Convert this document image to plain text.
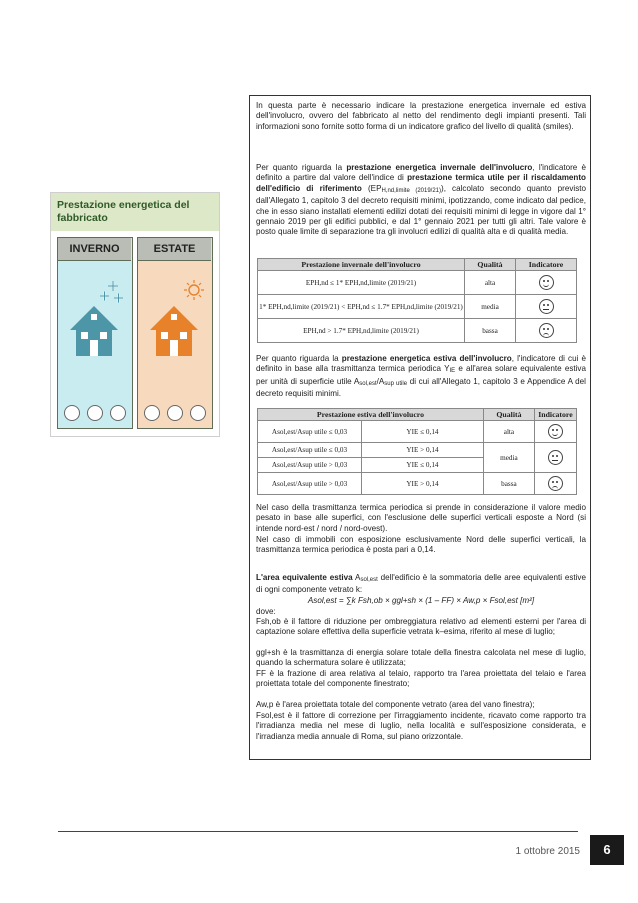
Prestazione energetica del fabbricato
INVERNO	ESTATE

In questa parte è necessario indicare la prestazione energetica invernale ed estiva dell'involucro, ovvero del fabbricato al netto del rendimento degli impianti presenti. Tali informazioni sono fornite sotto forma di un indicatore grafico del livello di qualità (smiles).

Per quanto riguarda la prestazione energetica invernale dell'involucro, l'indicatore è definito a partire dal valore dell'indice di prestazione termica utile per il riscaldamento dell'edificio di riferimento (EPH,nd,limite (2019/21)), calcolato secondo quanto previsto dall'Allegato 1, capitolo 3 del decreto requisiti minimi, ipotizzando, come indicato dal pedice, che in esso siano installati elementi edilizi dotati dei requisiti minimi di legge in vigore dal 1° gennaio 2019 per gli edifici pubblici, e dal 1° gennaio 2021 per tutti gli altri. Tale valore è posto quale limite di separazione tra gli involucri edilizi di qualità alta e di qualità media.

Prestazione invernale dell'involucro	Qualità	Indicatore
EPH,nd ≤ 1* EPH,nd,limite (2019/21)	alta	

1* EPH,nd,limite (2019/21) < EPH,nd ≤ 1.7* EPH,nd,limite (2019/21)	media	

EPH,nd > 1.7* EPH,nd,limite (2019/21)	bassa	

Per quanto riguarda la prestazione energetica estiva dell'involucro, l'indicatore di cui è definito in base alla trasmittanza termica periodica YIE e all'area solare equivalente estiva per unità di superficie utile Asol,est/Asup utile di cui all'Allegato 1, capitolo 3 e Appendice A del decreto requisiti minimi.

Prestazione estiva dell'involucro		Qualità	Indicatore
Asol,est/Asup utile ≤ 0,03	YIE ≤ 0,14	alta	

Asol,est/Asup utile ≤ 0,03	YIE > 0,14	media	

Asol,est/Asup utile > 0,03	YIE ≤ 0,14		
Asol,est/Asup utile > 0,03	YIE > 0,14	bassa	

Nel caso della trasmittanza termica periodica si prende in considerazione il valore medio pesato in base alle superfici, con l'esclusione delle superfici verticali esposte a Nord (si intende nord-est / nord / nord-ovest).

Nel caso di immobili con esposizione esclusivamente Nord delle superfici verticali, la trasmittanza termica periodica è posta pari a 0,14.

L'area equivalente estiva Asol,est dell'edificio è la sommatoria delle aree equivalenti estive di ogni componente vetrato k:

Asol,est = ∑k Fsh,ob × ggl+sh × (1 – FF) × Aw,p × Fsol,est [m²]

dove:

Fsh,ob è il fattore di riduzione per ombreggiatura relativo ad elementi esterni per l'area di captazione solare effettiva della superficie vetrata k–esima, riferito al mese di luglio;

ggl+sh è la trasmittanza di energia solare totale della finestra calcolata nel mese di luglio, quando la schermatura solare è utilizzata;

FF è la frazione di area relativa al telaio, rapporto tra l'area proiettata del telaio e l'area proiettata totale del componente finestrato;

Aw,p è l'area proiettata totale del componente vetrato (area del vano finestra);

Fsol,est è il fattore di correzione per l'irraggiamento incidente, ricavato come rapporto tra l'irradianza media nel mese di luglio, nella località e sull'esposizione considerata, e l'irradianza media annuale di Roma, sul piano orizzontale.

1 ottobre 2015	6
